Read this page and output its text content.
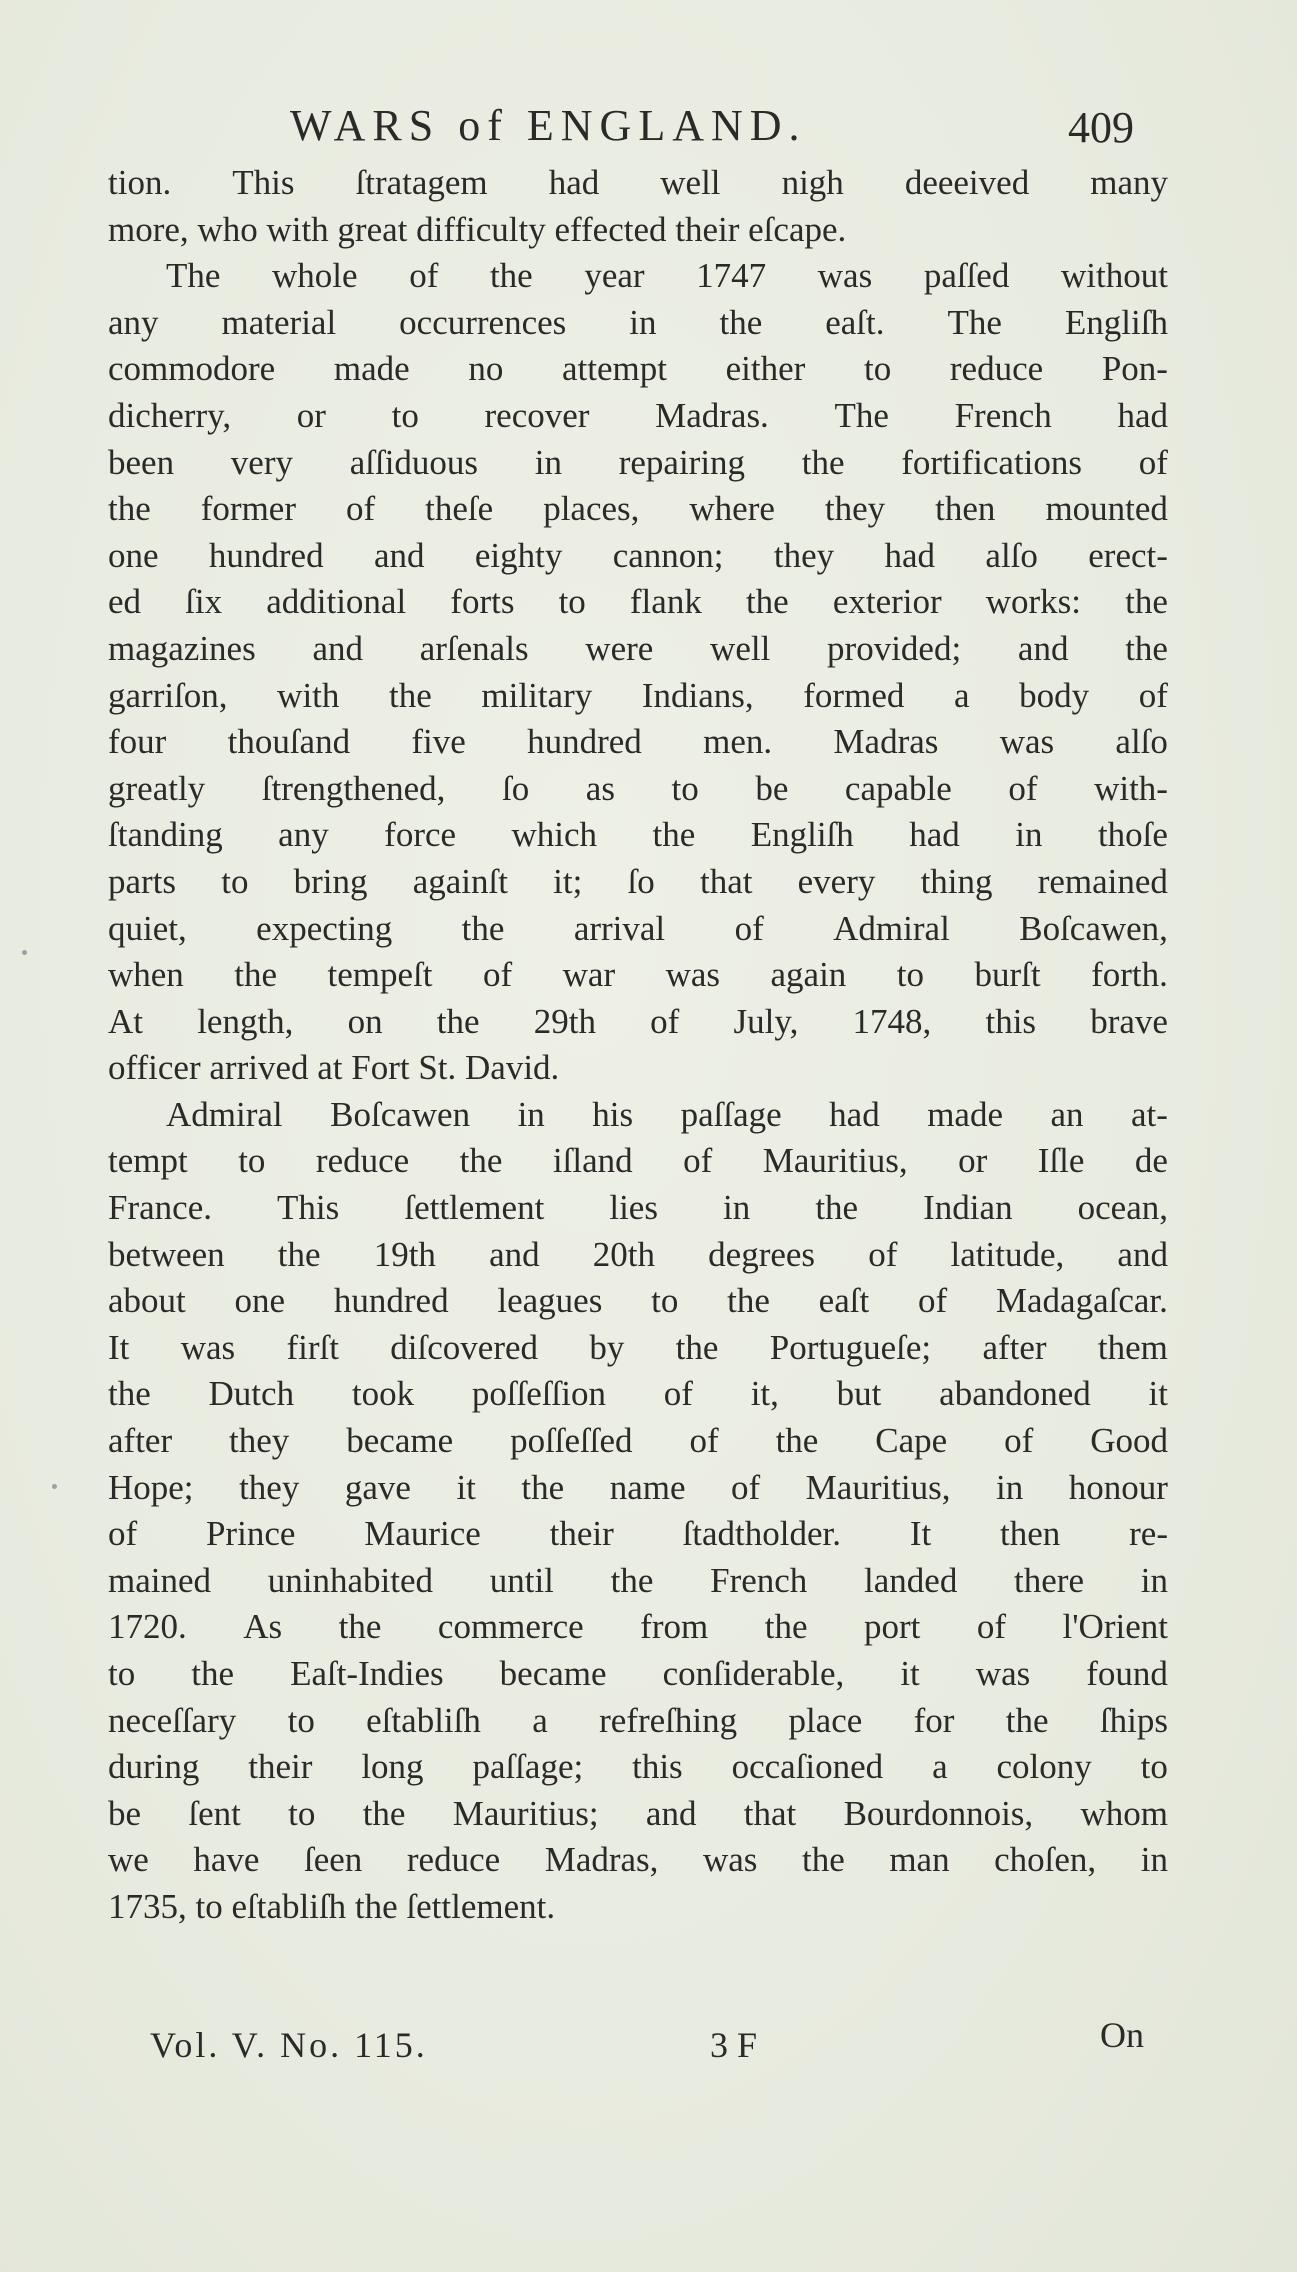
WARS of ENGLAND.	409
tion. This ſtratagem had well nigh deeeived many
more, who with great difficulty effected their eſcape.
The whole of the year 1747 was paſſed without
any material occurrences in the eaſt. The Engliſh
commodore made no attempt either to reduce Pon-
dicherry, or to recover Madras. The French had
been very aſſiduous in repairing the fortifications of
the former of theſe places, where they then mounted
one hundred and eighty cannon; they had alſo erect-
ed ſix additional forts to flank the exterior works: the
magazines and arſenals were well provided; and the
garriſon, with the military Indians, formed a body of
four thouſand five hundred men. Madras was alſo
greatly ſtrengthened, ſo as to be capable of with-
ſtanding any force which the Engliſh had in thoſe
parts to bring againſt it; ſo that every thing remained
quiet, expecting the arrival of Admiral Boſcawen,
when the tempeſt of war was again to burſt forth.
At length, on the 29th of July, 1748, this brave
officer arrived at Fort St. David.
Admiral Boſcawen in his paſſage had made an at-
tempt to reduce the iſland of Mauritius, or Iſle de
France. This ſettlement lies in the Indian ocean,
between the 19th and 20th degrees of latitude, and
about one hundred leagues to the eaſt of Madagaſcar.
It was firſt diſcovered by the Portugueſe; after them
the Dutch took poſſeſſion of it, but abandoned it
after they became poſſeſſed of the Cape of Good
Hope; they gave it the name of Mauritius, in honour
of Prince Maurice their ſtadtholder. It then re-
mained uninhabited until the French landed there in
1720. As the commerce from the port of l'Orient
to the Eaſt-Indies became conſiderable, it was found
neceſſary to eſtabliſh a refreſhing place for the ſhips
during their long paſſage; this occaſioned a colony to
be ſent to the Mauritius; and that Bourdonnois, whom
we have ſeen reduce Madras, was the man choſen, in
1735, to eſtabliſh the ſettlement.
Vol. V. No. 115.	3 F	On
